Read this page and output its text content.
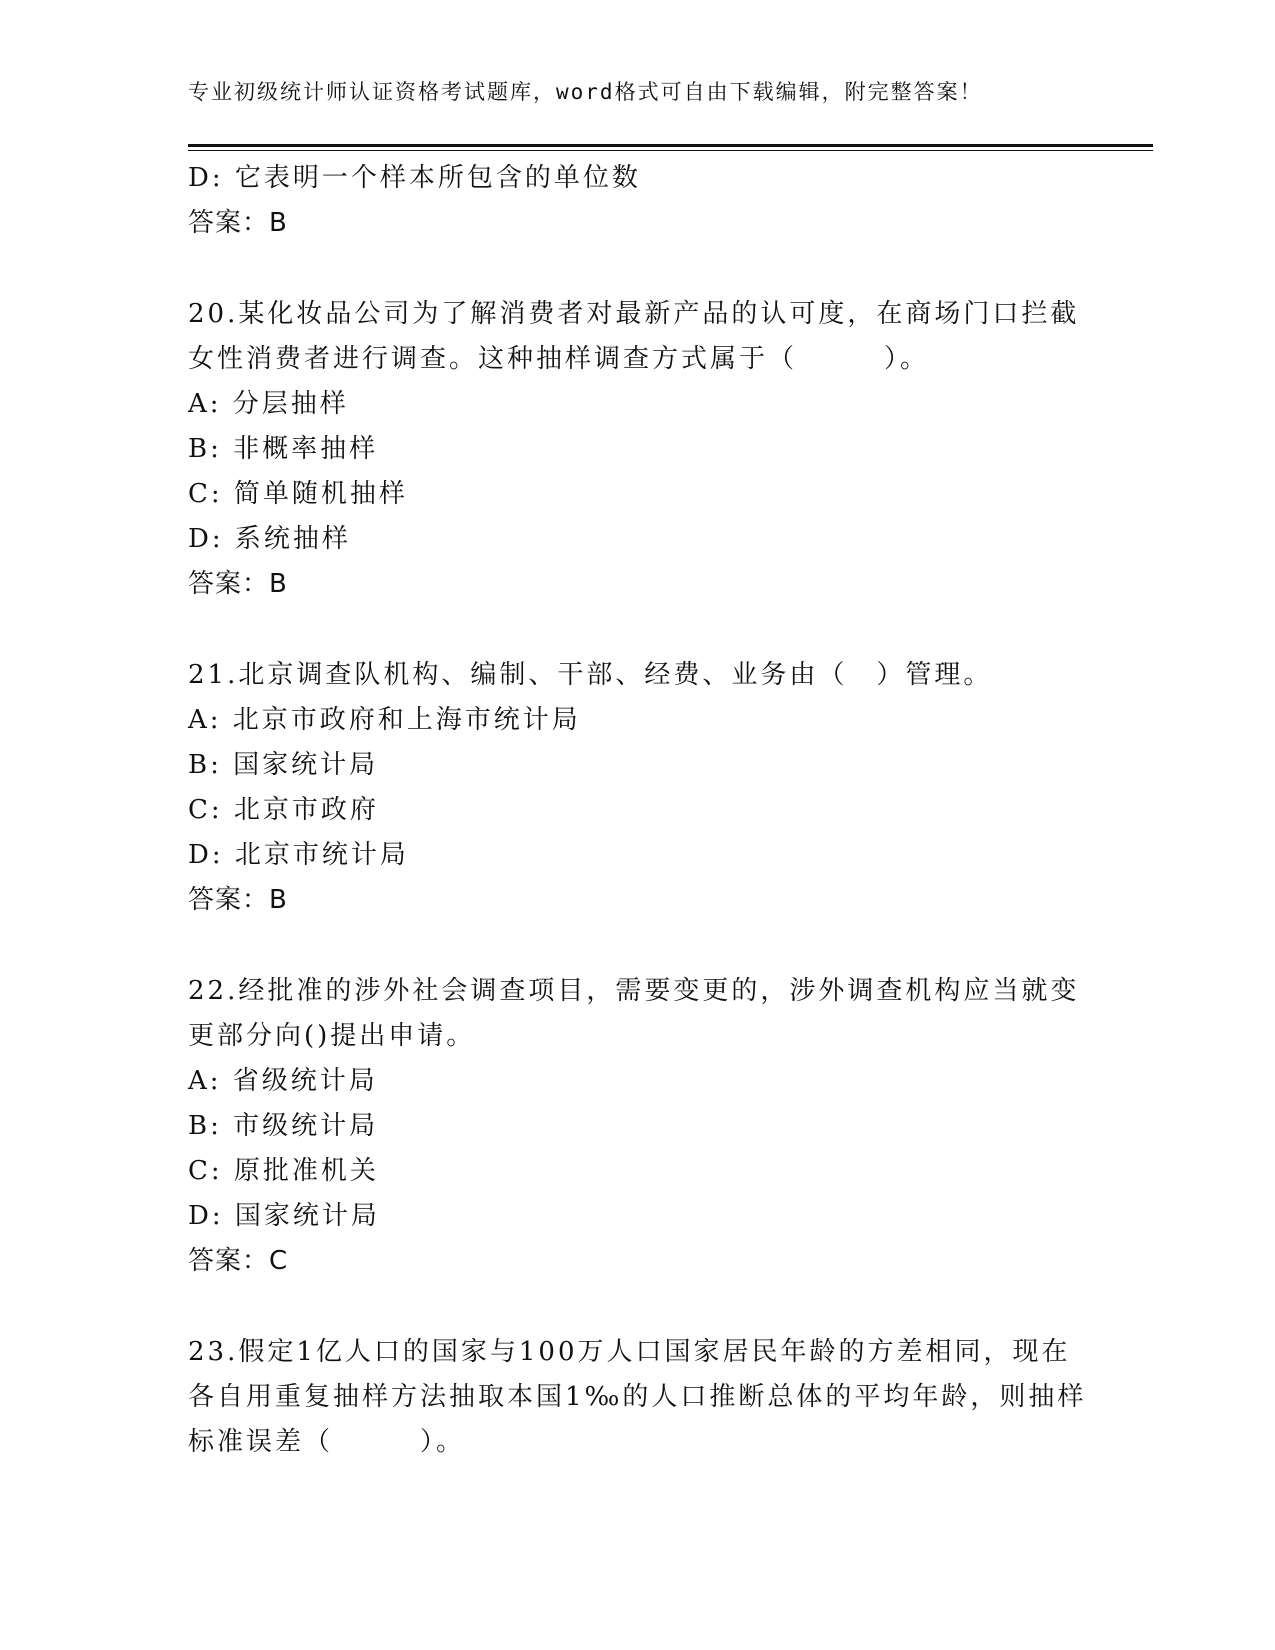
专业初级统计师认证资格考试题库，word格式可自由下载编辑，附完整答案！
D: 它表明一个样本所包含的单位数
答案：B
20.某化妆品公司为了解消费者对最新产品的认可度，在商场门口拦截
女性消费者进行调查。这种抽样调查方式属于（　　　）。
A: 分层抽样
B: 非概率抽样
C: 简单随机抽样
D: 系统抽样
答案：B
21.北京调查队机构、编制、干部、经费、业务由（　）管理。
A: 北京市政府和上海市统计局
B: 国家统计局
C: 北京市政府
D: 北京市统计局
答案：B
22.经批准的涉外社会调查项目，需要变更的，涉外调查机构应当就变
更部分向()提出申请。
A: 省级统计局
B: 市级统计局
C: 原批准机关
D: 国家统计局
答案：C
23.假定1亿人口的国家与100万人口国家居民年龄的方差相同，现在
各自用重复抽样方法抽取本国1‰的人口推断总体的平均年龄，则抽样
标准误差（　　　）。
